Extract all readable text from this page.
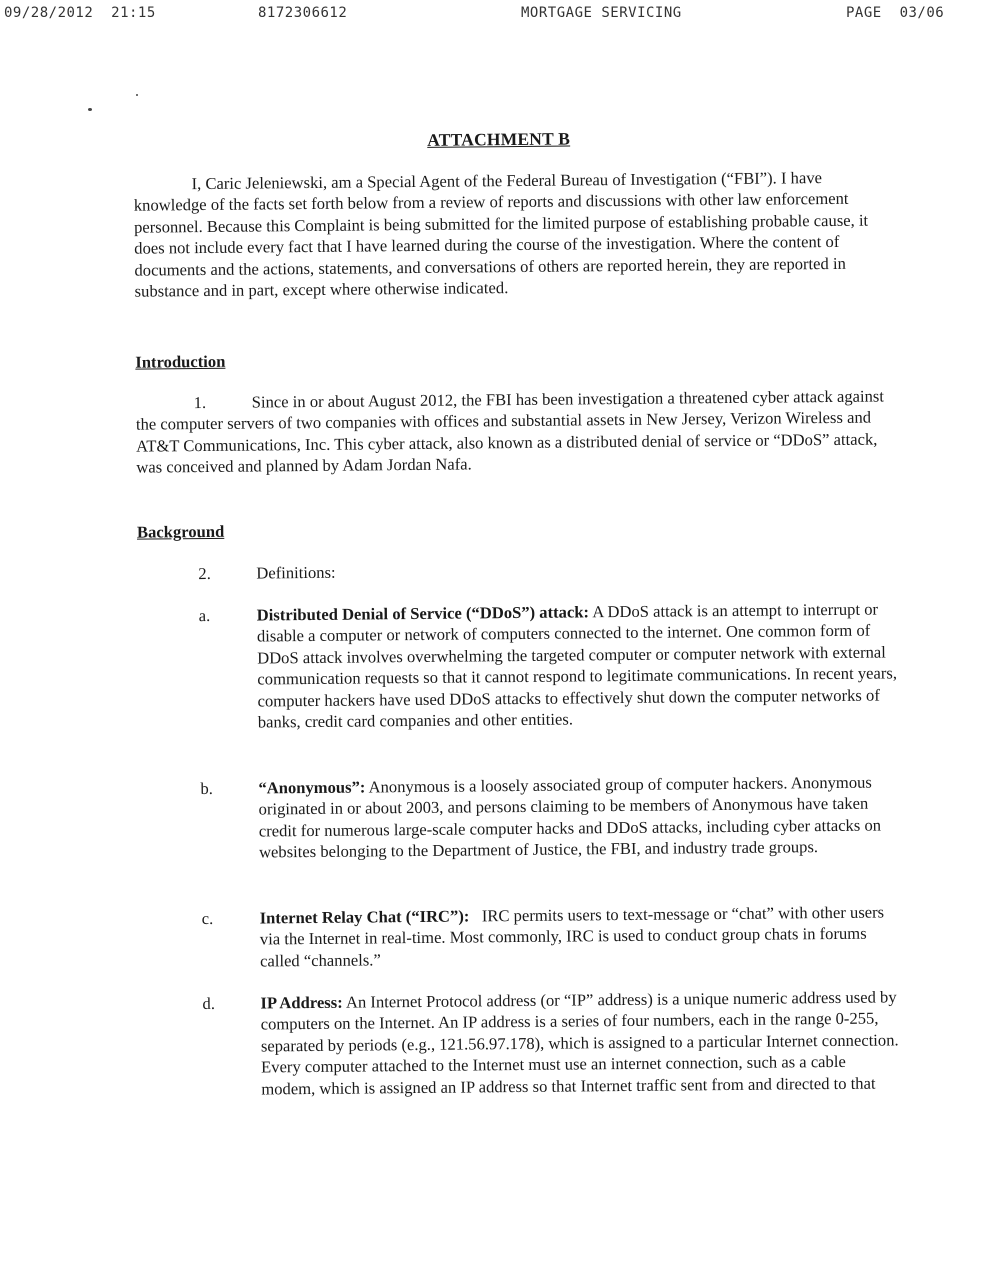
09/28/2012  21:15	8172306612	MORTGAGE SERVICING	PAGE  03/06
ATTACHMENT B

I, Caric Jeleniewski, am a Special Agent of the Federal Bureau of Investigation (“FBI”). I have knowledge of the facts set forth below from a review of reports and discussions with other law enforcement personnel. Because this Complaint is being submitted for the limited purpose of establishing probable cause, it does not include every fact that I have learned during the course of the investigation. Where the content of documents and the actions, statements, and conversations of others are reported herein, they are reported in substance and in part, except where otherwise indicated.

Introduction

1.	Since in or about August 2012, the FBI has been investigation a threatened cyber attack against the computer servers of two companies with offices and substantial assets in New Jersey, Verizon Wireless and AT&T Communications, Inc. This cyber attack, also known as a distributed denial of service or “DDoS” attack, was conceived and planned by Adam Jordan Nafa.

Background
2.	Definitions:
a.	Distributed Denial of Service (“DDoS”) attack: A DDoS attack is an attempt to interrupt or disable a computer or network of computers connected to the internet. One common form of DDoS attack involves overwhelming the targeted computer or computer network with external communication requests so that it cannot respond to legitimate communications. In recent years, computer hackers have used DDoS attacks to effectively shut down the computer networks of banks, credit card companies and other entities.
b.	“Anonymous”: Anonymous is a loosely associated group of computer hackers. Anonymous originated in or about 2003, and persons claiming to be members of Anonymous have taken credit for numerous large-scale computer hacks and DDoS attacks, including cyber attacks on websites belonging to the Department of Justice, the FBI, and industry trade groups.
c.	Internet Relay Chat (“IRC”):   IRC permits users to text-message or “chat” with other users via the Internet in real-time. Most commonly, IRC is used to conduct group chats in forums called “channels.”
d.	IP Address: An Internet Protocol address (or “IP” address) is a unique numeric address used by computers on the Internet. An IP address is a series of four numbers, each in the range 0-255, separated by periods (e.g., 121.56.97.178), which is assigned to a particular Internet connection. Every computer attached to the Internet must use an internet connection, such as a cable modem, which is assigned an IP address so that Internet traffic sent from and directed to that
